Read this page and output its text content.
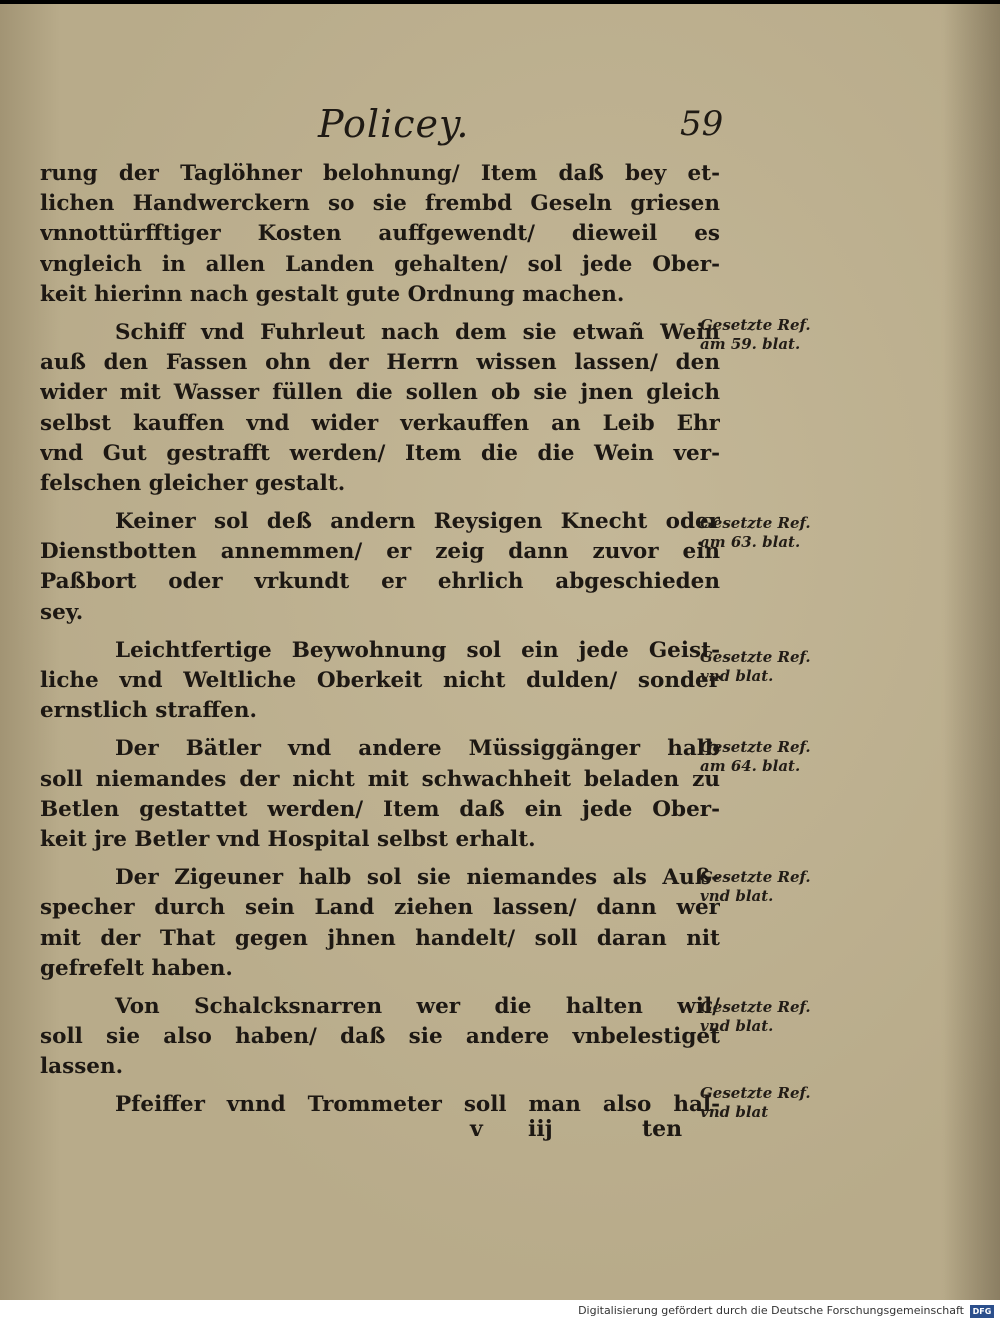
Policey.	59
rung der Taglöhner belohnung/ Item daß bey et-
lichen Handwerckern so sie frembd Geseln griesen
vnnottürfftiger Kosten auffgewendt/ dieweil es
vngleich in allen Landen gehalten/ sol jede Ober-
keit hierinn nach gestalt gute Ordnung machen.
Schiff vnd Fuhrleut nach dem sie etwañ Wein
auß den Fassen ohn der Herrn wissen lassen/ den
wider mit Wasser füllen die sollen ob sie jnen gleich
selbst kauffen vnd wider verkauffen an Leib Ehr
vnd Gut gestrafft werden/ Item die die Wein ver-
felschen gleicher gestalt.
Keiner sol deß andern Reysigen Knecht oder
Dienstbotten annemmen/ er zeig dann zuvor ein
Paßbort oder vrkundt er ehrlich abgeschieden
sey.
Leichtfertige Beywohnung sol ein jede Geist-
liche vnd Weltliche Oberkeit nicht dulden/ sonder
ernstlich straffen.
Der Bätler vnd andere Müssiggänger halb
soll niemandes der nicht mit schwachheit beladen zu
Betlen gestattet werden/ Item daß ein jede Ober-
keit jre Betler vnd Hospital selbst erhalt.
Der Zigeuner halb sol sie niemandes als Auß-
specher durch sein Land ziehen lassen/ dann wer
mit der That gegen jhnen handelt/ soll daran nit
gefrefelt haben.
Von Schalcksnarren wer die halten wil/
soll sie also haben/ daß sie andere vnbelestiget
lassen.
Pfeiffer vnnd Trommeter soll man also hal-
Gesetzte Ref.
am 59. blat.
Gesetzte Ref.
am 63. blat.
Gesetzte Ref.
vnd blat.
Gesetzte Ref.
am 64. blat.
Gesetzte Ref.
vnd blat.
Gesetzte Ref.
vnd blat.
Gesetzte Ref.
vnd blat
v iij	ten
Digitalisierung gefördert durch die Deutsche Forschungsgemeinschaft	DFG
